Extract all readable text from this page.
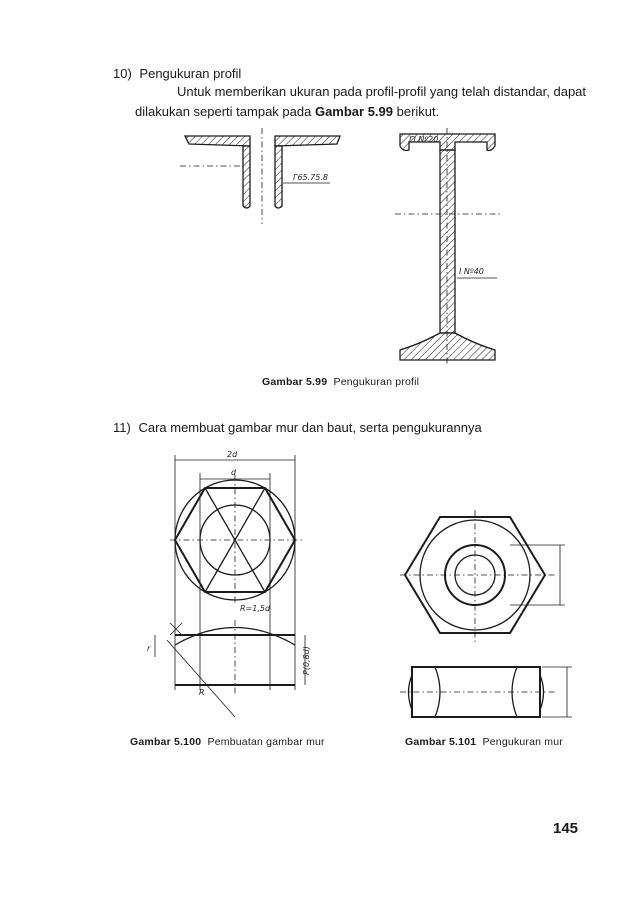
10) Pengukuran profil
Untuk memberikan ukuran pada profil-profil yang telah distandar, dapat
dilakukan seperti tampak pada Gambar 5.99 berikut.
Г65.75.8
ГІ Nº20
I Nº40
Gambar 5.99 Pengukuran profil
11) Cara membuat gambar mur dan baut, serta pengukurannya
2d
d
R=1,5d
P(0,8d)
r
R
Gambar 5.100 Pembuatan gambar mur	Gambar 5.101 Pengukuran mur
145
